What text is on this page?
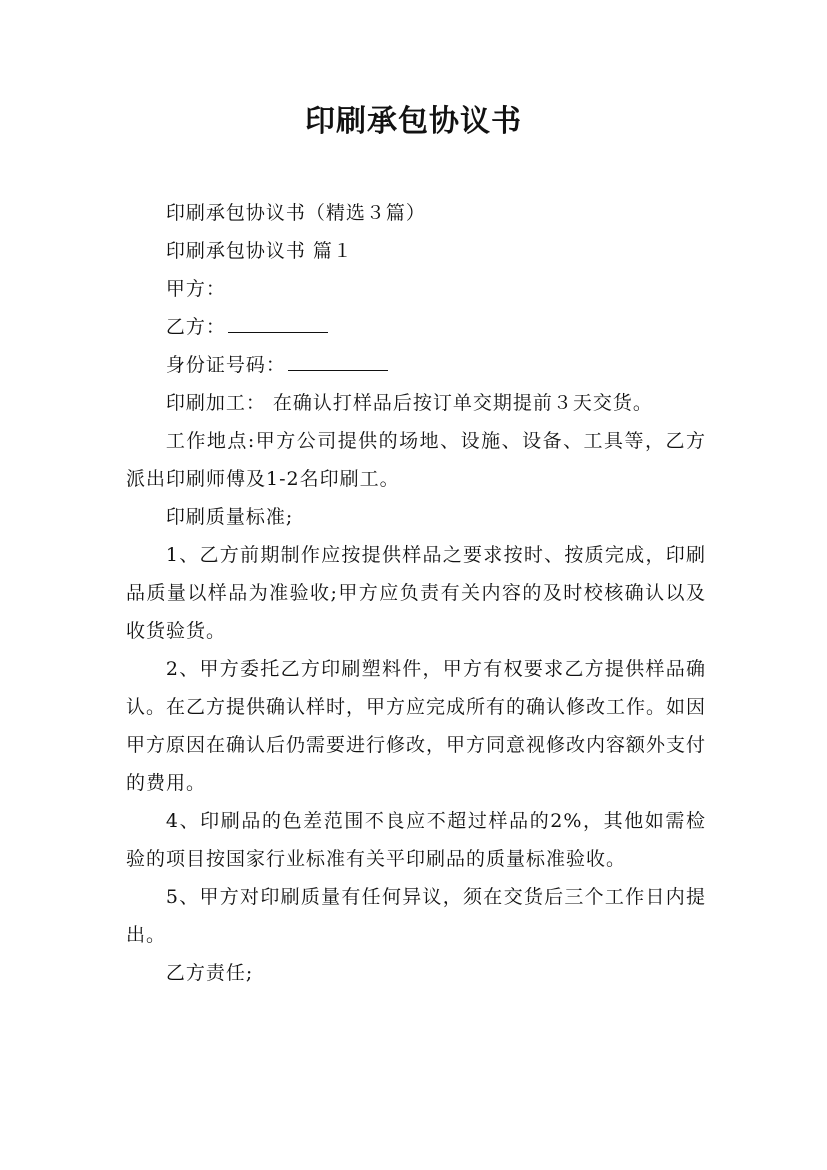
印刷承包协议书

印刷承包协议书（精选３篇）

印刷承包协议书 篇１

甲方：

乙方：

身份证号码：

印刷加工： 在确认打样品后按订单交期提前３天交货。

工作地点:甲方公司提供的场地、设施、设备、工具等，乙方派出印刷师傅及1-2名印刷工。

印刷质量标准;

1、乙方前期制作应按提供样品之要求按时、按质完成，印刷品质量以样品为准验收;甲方应负责有关内容的及时校核确认以及收货验货。

2、甲方委托乙方印刷塑料件，甲方有权要求乙方提供样品确认。在乙方提供确认样时，甲方应完成所有的确认修改工作。如因甲方原因在确认后仍需要进行修改，甲方同意视修改内容额外支付的费用。

4、印刷品的色差范围不良应不超过样品的2%，其他如需检验的项目按国家行业标准有关平印刷品的质量标准验收。

5、甲方对印刷质量有任何异议，须在交货后三个工作日内提出。

乙方责任;
